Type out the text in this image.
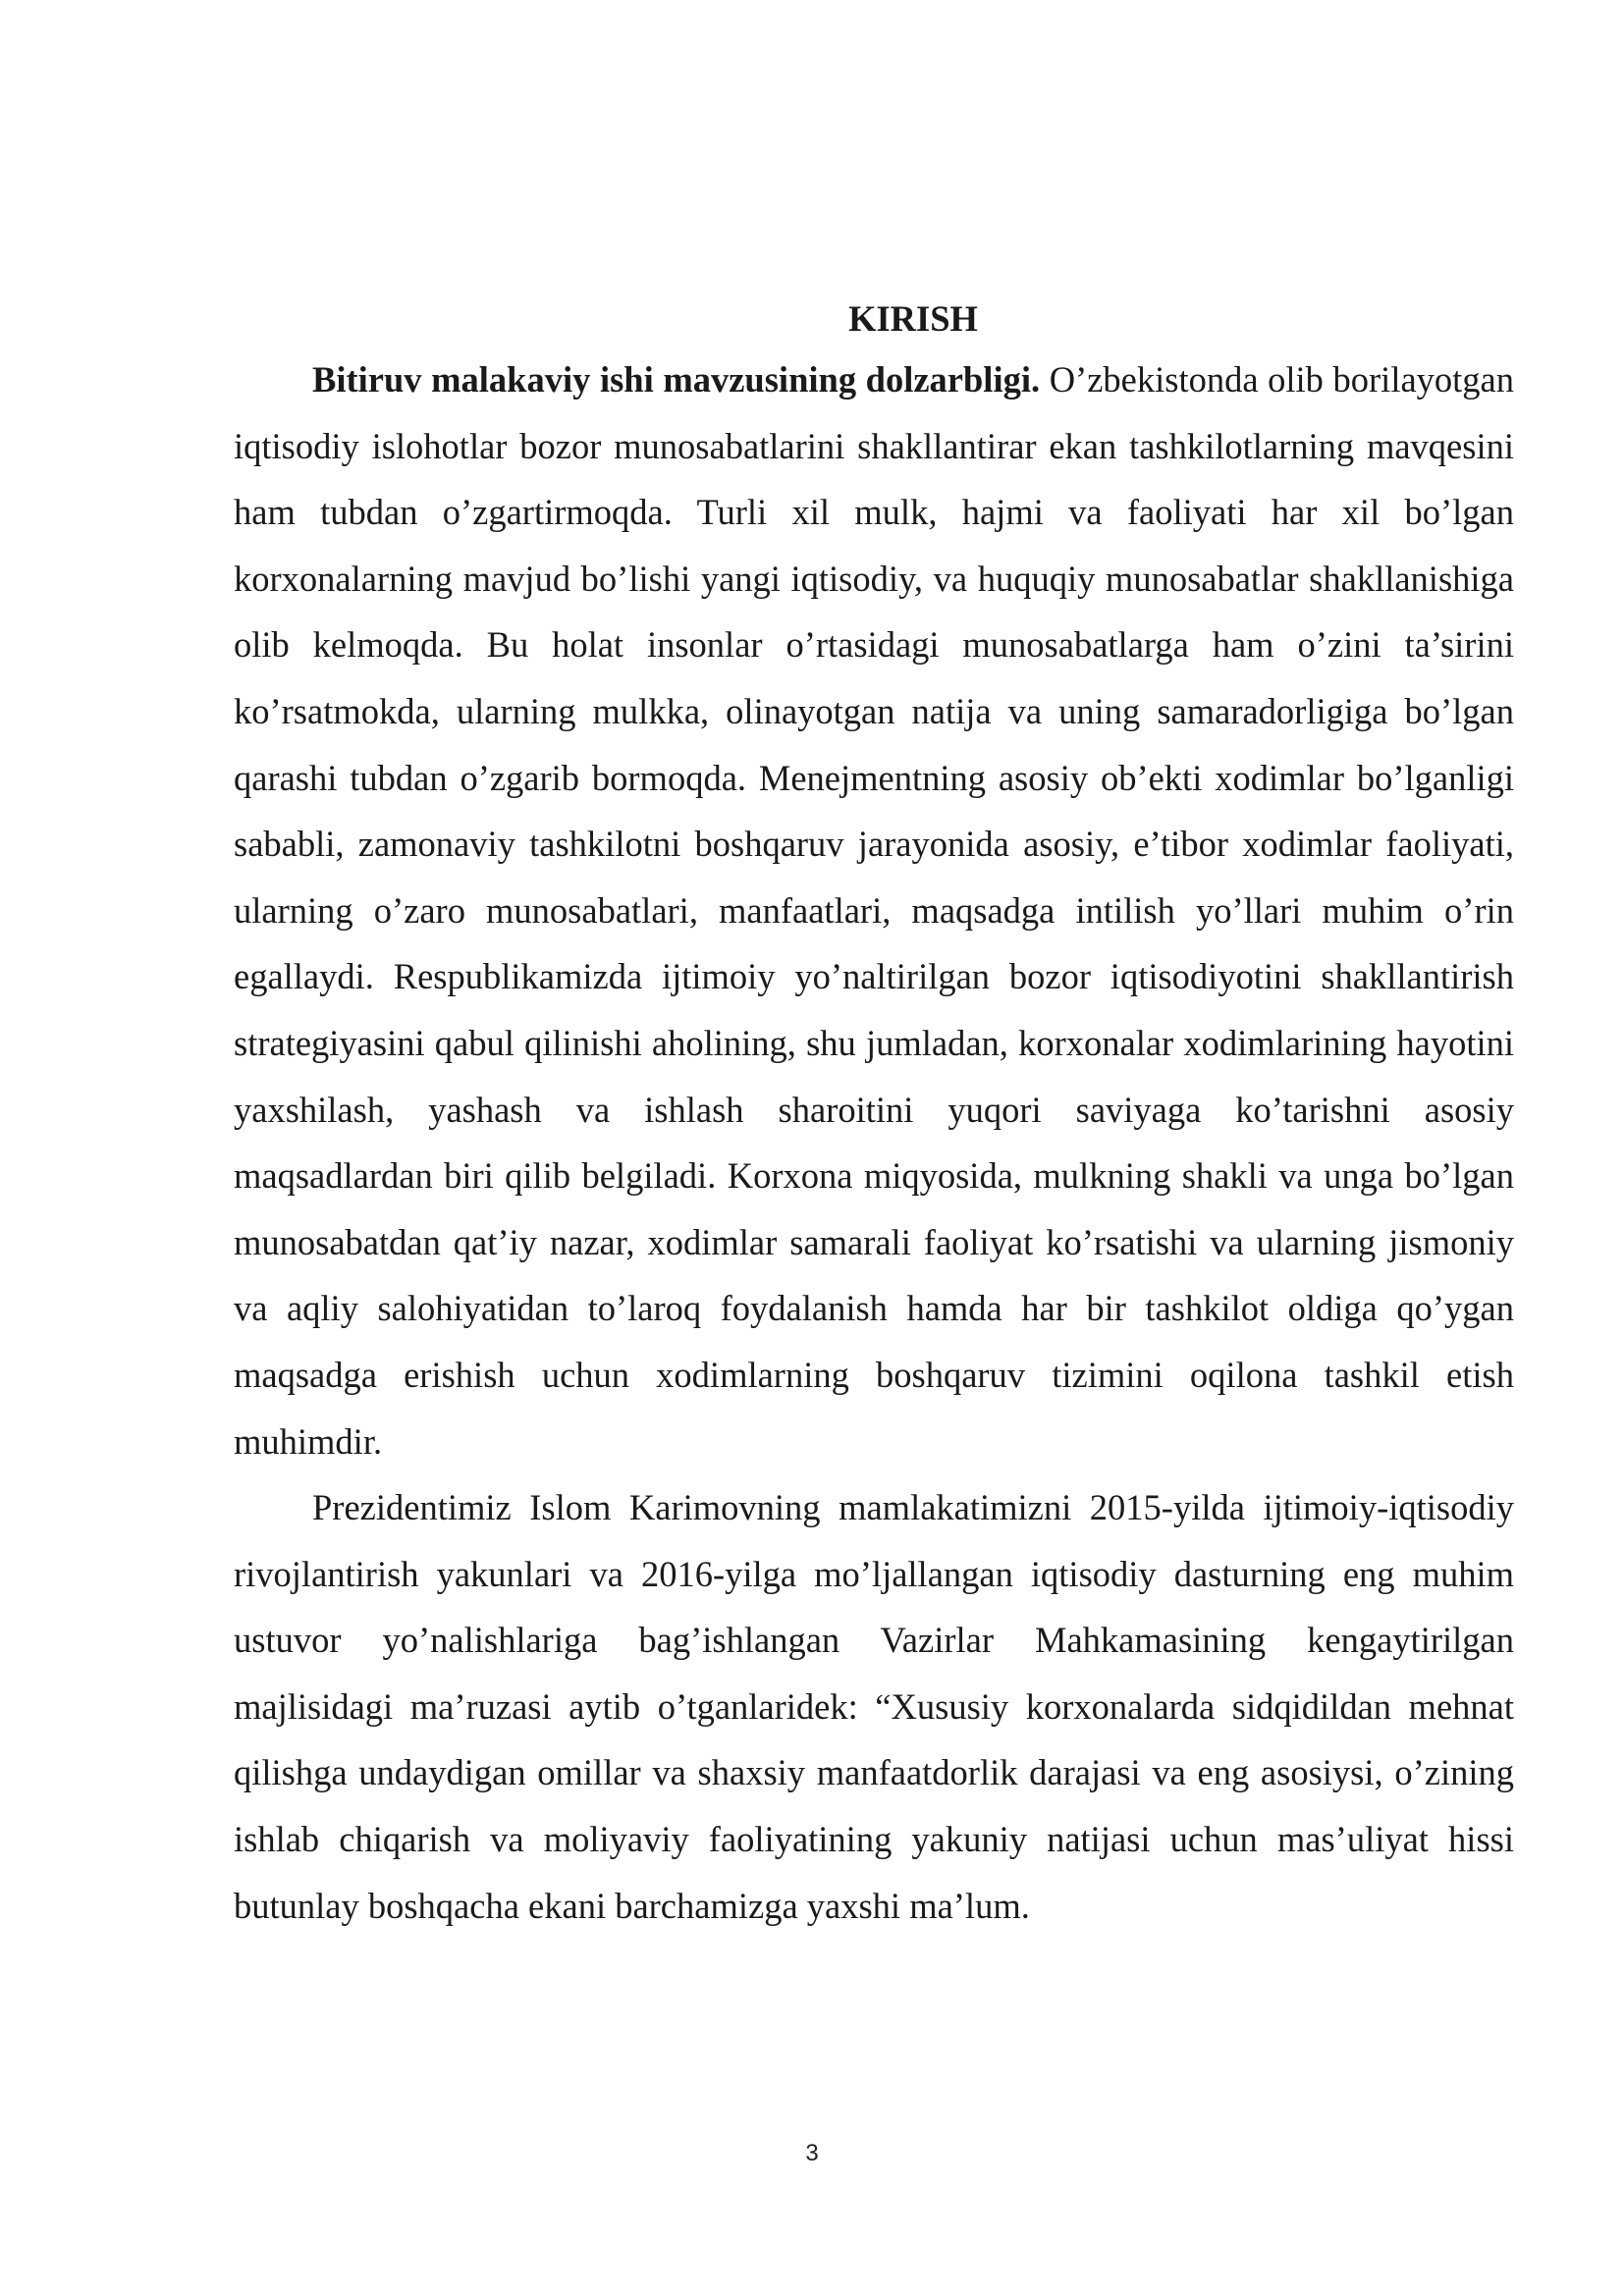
KIRISH

Bitiruv malakaviy ishi mavzusining dolzarbligi. O’zbekistonda olib borilayotgan iqtisodiy islohotlar bozor munosabatlarini shakllantirar ekan tashkilotlarning mavqesini ham tubdan o’zgartirmoqda. Turli xil mulk, hajmi va faoliyati har xil bo’lgan korxonalarning mavjud bo’lishi yangi iqtisodiy, va huquqiy munosabatlar shakllanishiga olib kelmoqda. Bu holat insonlar o’rtasidagi munosabatlarga ham o’zini ta’sirini ko’rsatmokda, ularning mulkka, olinayotgan natija va uning samaradorligiga bo’lgan qarashi tubdan o’zgarib bormoqda. Menejmentning asosiy ob’ekti xodimlar bo’lganligi sababli, zamonaviy tashkilotni boshqaruv jarayonida asosiy, e’tibor xodimlar faoliyati, ularning o’zaro munosabatlari, manfaatlari, maqsadga intilish yo’llari muhim o’rin egallaydi. Respublikamizda ijtimoiy yo’naltirilgan bozor iqtisodiyotini shakllantirish strategiyasini qabul qilinishi aholining, shu jumladan, korxonalar xodimlarining hayotini yaxshilash, yashash va ishlash sharoitini yuqori saviyaga ko’tarishni asosiy maqsadlardan biri qilib belgiladi. Korxona miqyosida, mulkning shakli va unga bo’lgan munosabatdan qat’iy nazar, xodimlar samarali faoliyat ko’rsatishi va ularning jismoniy va aqliy salohiyatidan to’laroq foydalanish hamda har bir tashkilot oldiga qo’ygan maqsadga erishish uchun xodimlarning boshqaruv tizimini oqilona tashkil etish muhimdir.

Prezidentimiz Islom Karimovning mamlakatimizni 2015-yilda ijtimoiy-iqtisodiy rivojlantirish yakunlari va 2016-yilga mo’ljallangan iqtisodiy dasturning eng muhim ustuvor yo’nalishlariga bag’ishlangan Vazirlar Mahkamasining kengaytirilgan majlisidagi ma’ruzasi aytib o’tganlaridek: “Xususiy korxonalarda sidqidildan mehnat qilishga undaydigan omillar va shaxsiy manfaatdorlik darajasi va eng asosiysi, o’zining ishlab chiqarish va moliyaviy faoliyatining yakuniy natijasi uchun mas’uliyat hissi butunlay boshqacha ekani barchamizga yaxshi ma’lum.

3
